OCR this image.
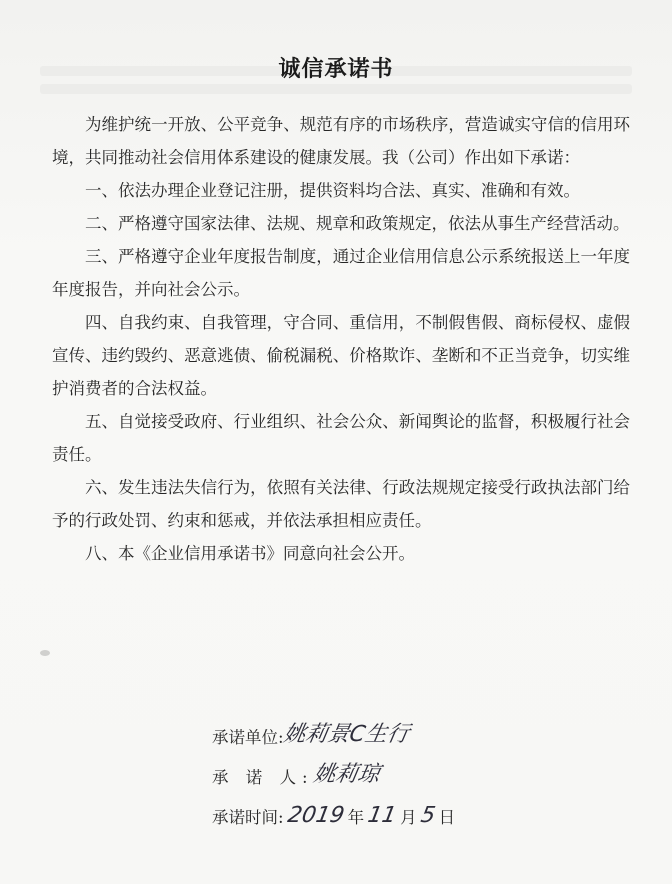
诚信承诺书

为维护统一开放、公平竞争、规范有序的市场秩序，营造诚实守信的信用环境，共同推动社会信用体系建设的健康发展。我（公司）作出如下承诺：

一、依法办理企业登记注册，提供资料均合法、真实、准确和有效。

二、严格遵守国家法律、法规、规章和政策规定，依法从事生产经营活动。

三、严格遵守企业年度报告制度，通过企业信用信息公示系统报送上一年度年度报告，并向社会公示。

四、自我约束、自我管理，守合同、重信用，不制假售假、商标侵权、虚假宣传、违约毁约、恶意逃债、偷税漏税、价格欺诈、垄断和不正当竞争，切实维护消费者的合法权益。

五、自觉接受政府、行业组织、社会公众、新闻舆论的监督，积极履行社会责任。

六、发生违法失信行为，依照有关法律、行政法规规定接受行政执法部门给予的行政处罚、约束和惩戒，并依法承担相应责任。

八、本《企业信用承诺书》同意向社会公开。

承诺单位:
姚莉景C生行
承 诺 人:
姚莉琼
承诺时间: 2019 年 11 月 5 日
